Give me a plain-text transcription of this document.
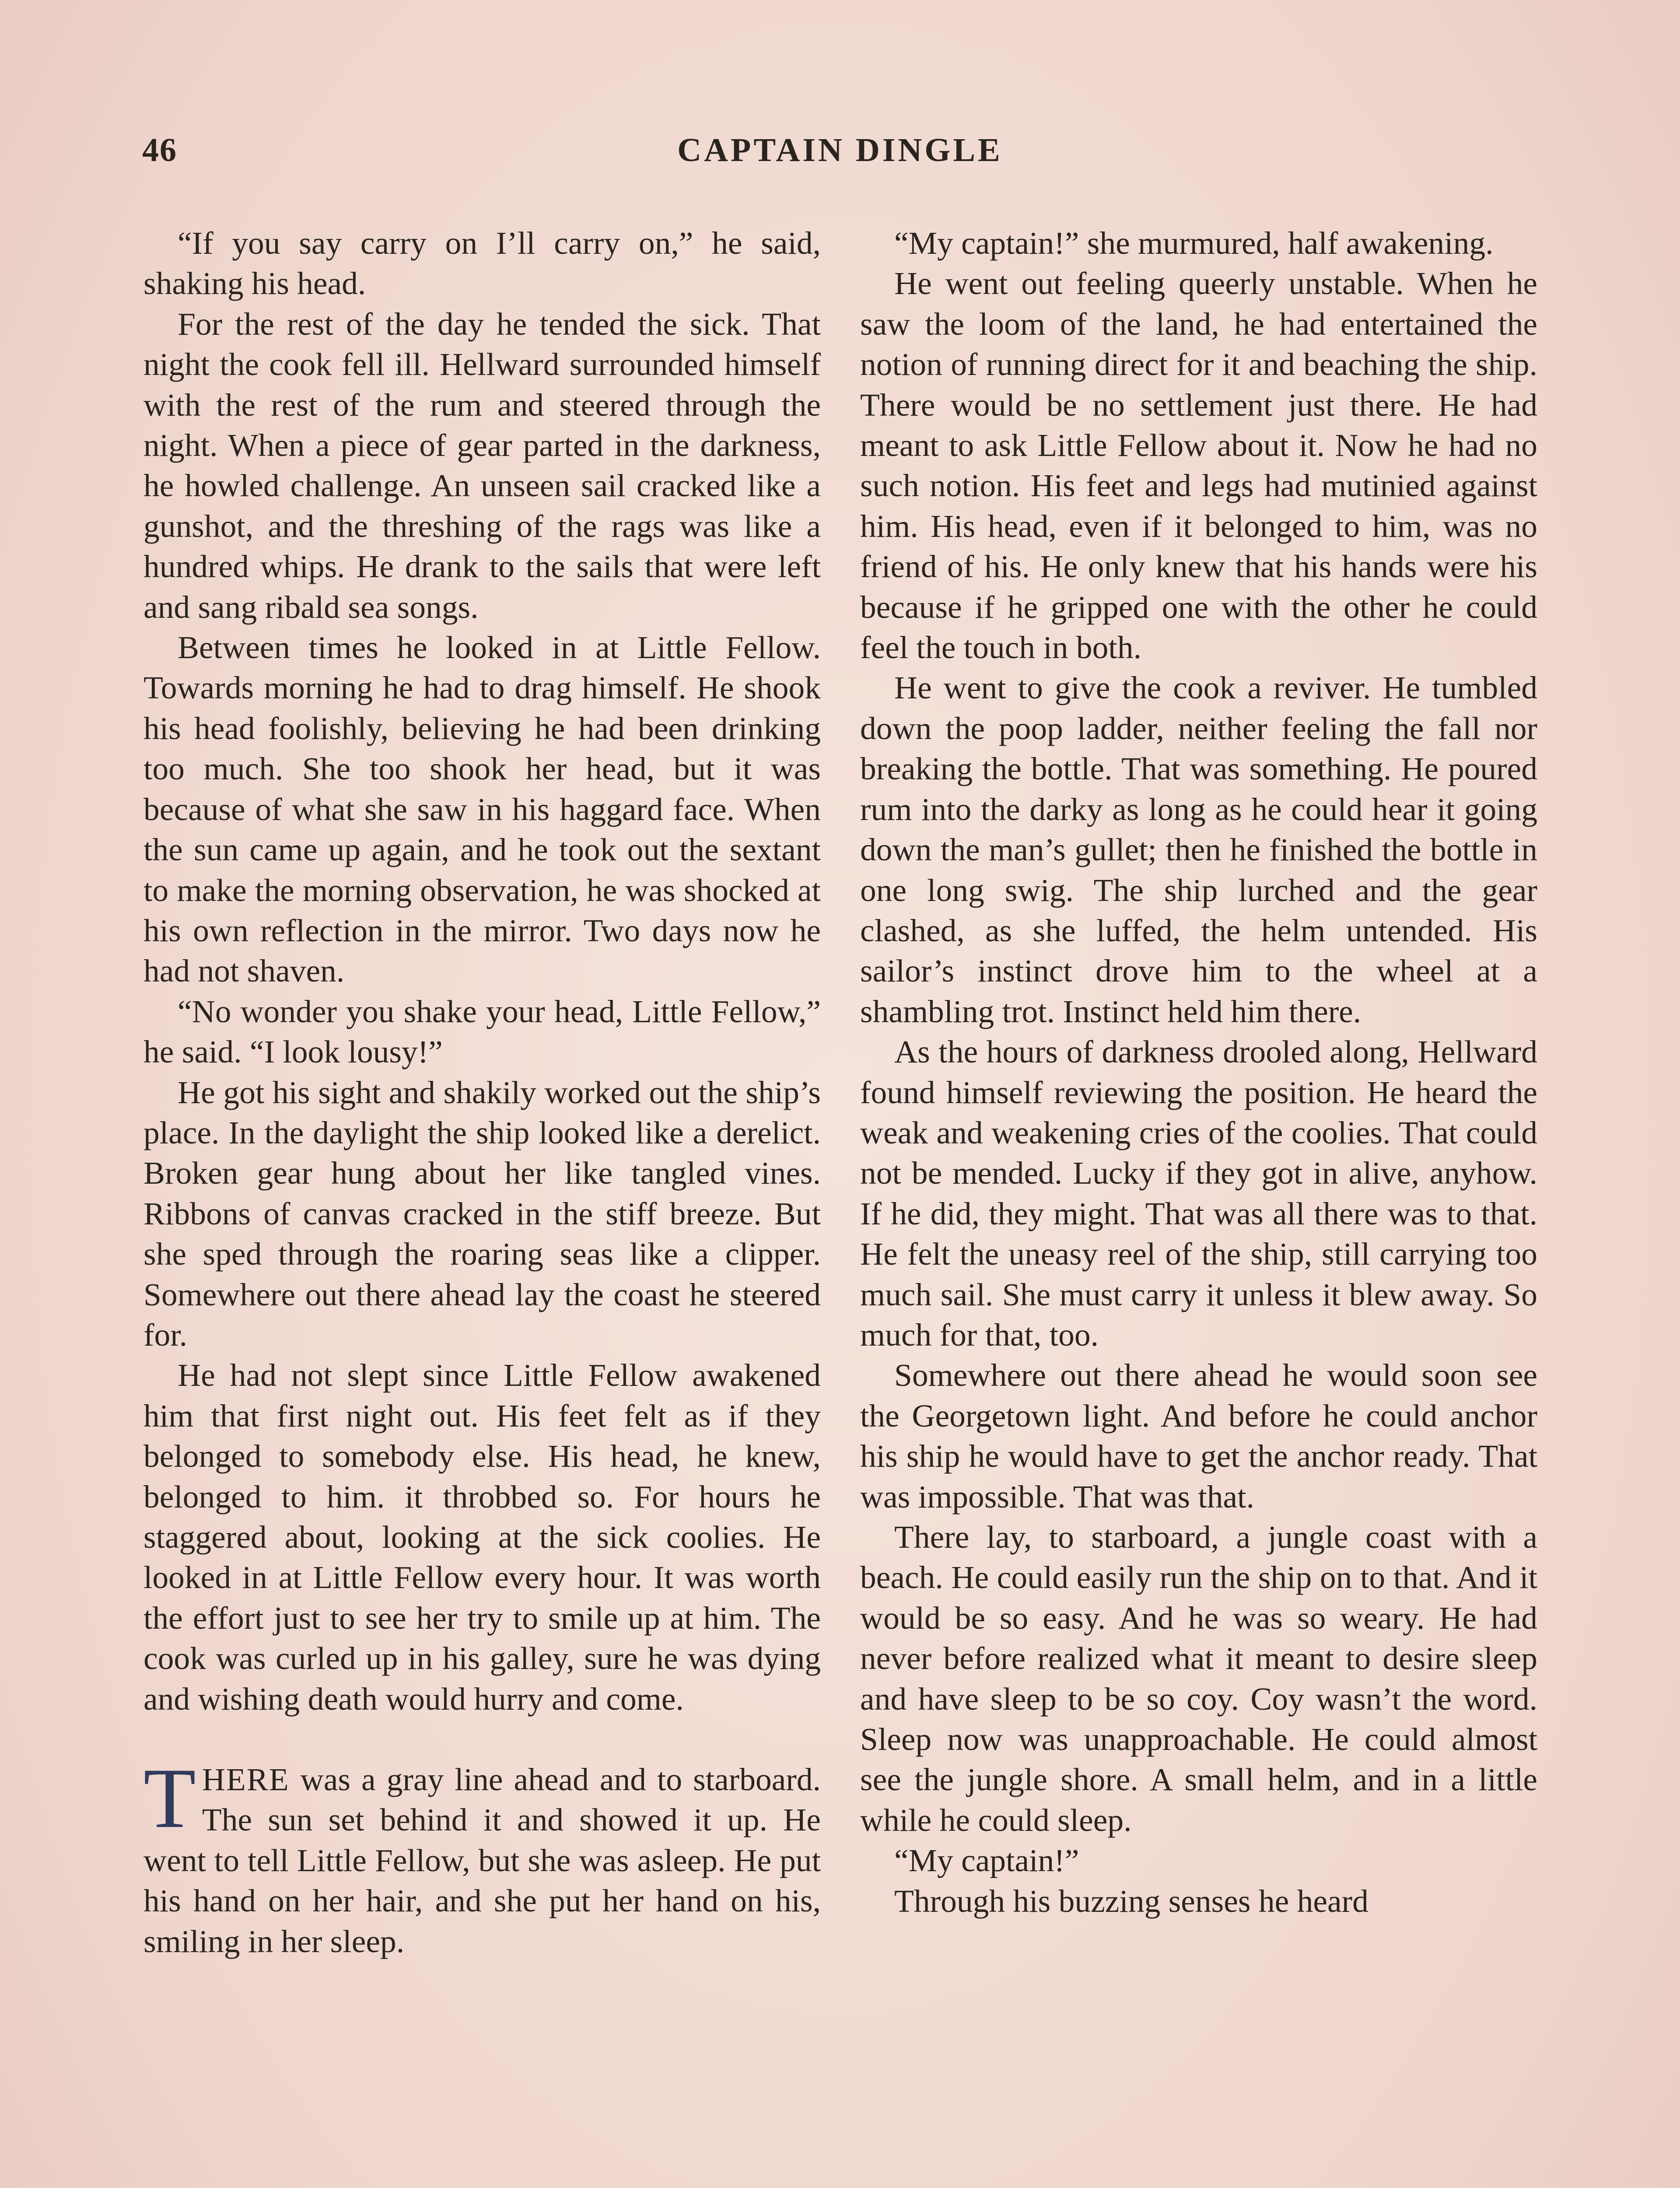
46	CAPTAIN DINGLE

“If you say carry on I’ll carry on,” he said, shaking his head.

For the rest of the day he tended the sick. That night the cook fell ill. Hellward surrounded himself with the rest of the rum and steered through the night. When a piece of gear parted in the darkness, he howled challenge. An unseen sail cracked like a gunshot, and the threshing of the rags was like a hundred whips. He drank to the sails that were left and sang ribald sea songs.

Between times he looked in at Little Fellow. Towards morning he had to drag himself. He shook his head foolishly, believing he had been drinking too much. She too shook her head, but it was because of what she saw in his haggard face. When the sun came up again, and he took out the sextant to make the morning observation, he was shocked at his own reflection in the mirror. Two days now he had not shaven.

“No wonder you shake your head, Little Fellow,” he said. “I look lousy!”

He got his sight and shakily worked out the ship’s place. In the daylight the ship looked like a derelict. Broken gear hung about her like tangled vines. Ribbons of canvas cracked in the stiff breeze. But she sped through the roaring seas like a clipper. Somewhere out there ahead lay the coast he steered for.

He had not slept since Little Fellow awakened him that first night out. His feet felt as if they belonged to somebody else. His head, he knew, belonged to him. it throbbed so. For hours he staggered about, looking at the sick coolies. He looked in at Little Fellow every hour. It was worth the effort just to see her try to smile up at him. The cook was curled up in his galley, sure he was dying and wishing death would hurry and come.

THERE was a gray line ahead and to starboard. The sun set behind it and showed it up. He went to tell Little Fellow, but she was asleep. He put his hand on her hair, and she put her hand on his, smiling in her sleep.

“My captain!” she murmured, half awakening.

He went out feeling queerly unstable. When he saw the loom of the land, he had entertained the notion of running direct for it and beaching the ship. There would be no settlement just there. He had meant to ask Little Fellow about it. Now he had no such notion. His feet and legs had mutinied against him. His head, even if it belonged to him, was no friend of his. He only knew that his hands were his because if he gripped one with the other he could feel the touch in both.

He went to give the cook a reviver. He tumbled down the poop ladder, neither feeling the fall nor breaking the bottle. That was something. He poured rum into the darky as long as he could hear it going down the man’s gullet; then he finished the bottle in one long swig. The ship lurched and the gear clashed, as she luffed, the helm untended. His sailor’s instinct drove him to the wheel at a shambling trot. Instinct held him there.

As the hours of darkness drooled along, Hellward found himself reviewing the position. He heard the weak and weakening cries of the coolies. That could not be mended. Lucky if they got in alive, anyhow. If he did, they might. That was all there was to that. He felt the uneasy reel of the ship, still carrying too much sail. She must carry it unless it blew away. So much for that, too.

Somewhere out there ahead he would soon see the Georgetown light. And before he could anchor his ship he would have to get the anchor ready. That was impossible. That was that.

There lay, to starboard, a jungle coast with a beach. He could easily run the ship on to that. And it would be so easy. And he was so weary. He had never before realized what it meant to desire sleep and have sleep to be so coy. Coy wasn’t the word. Sleep now was unapproachable. He could almost see the jungle shore. A small helm, and in a little while he could sleep.

“My captain!”

Through his buzzing senses he heard
